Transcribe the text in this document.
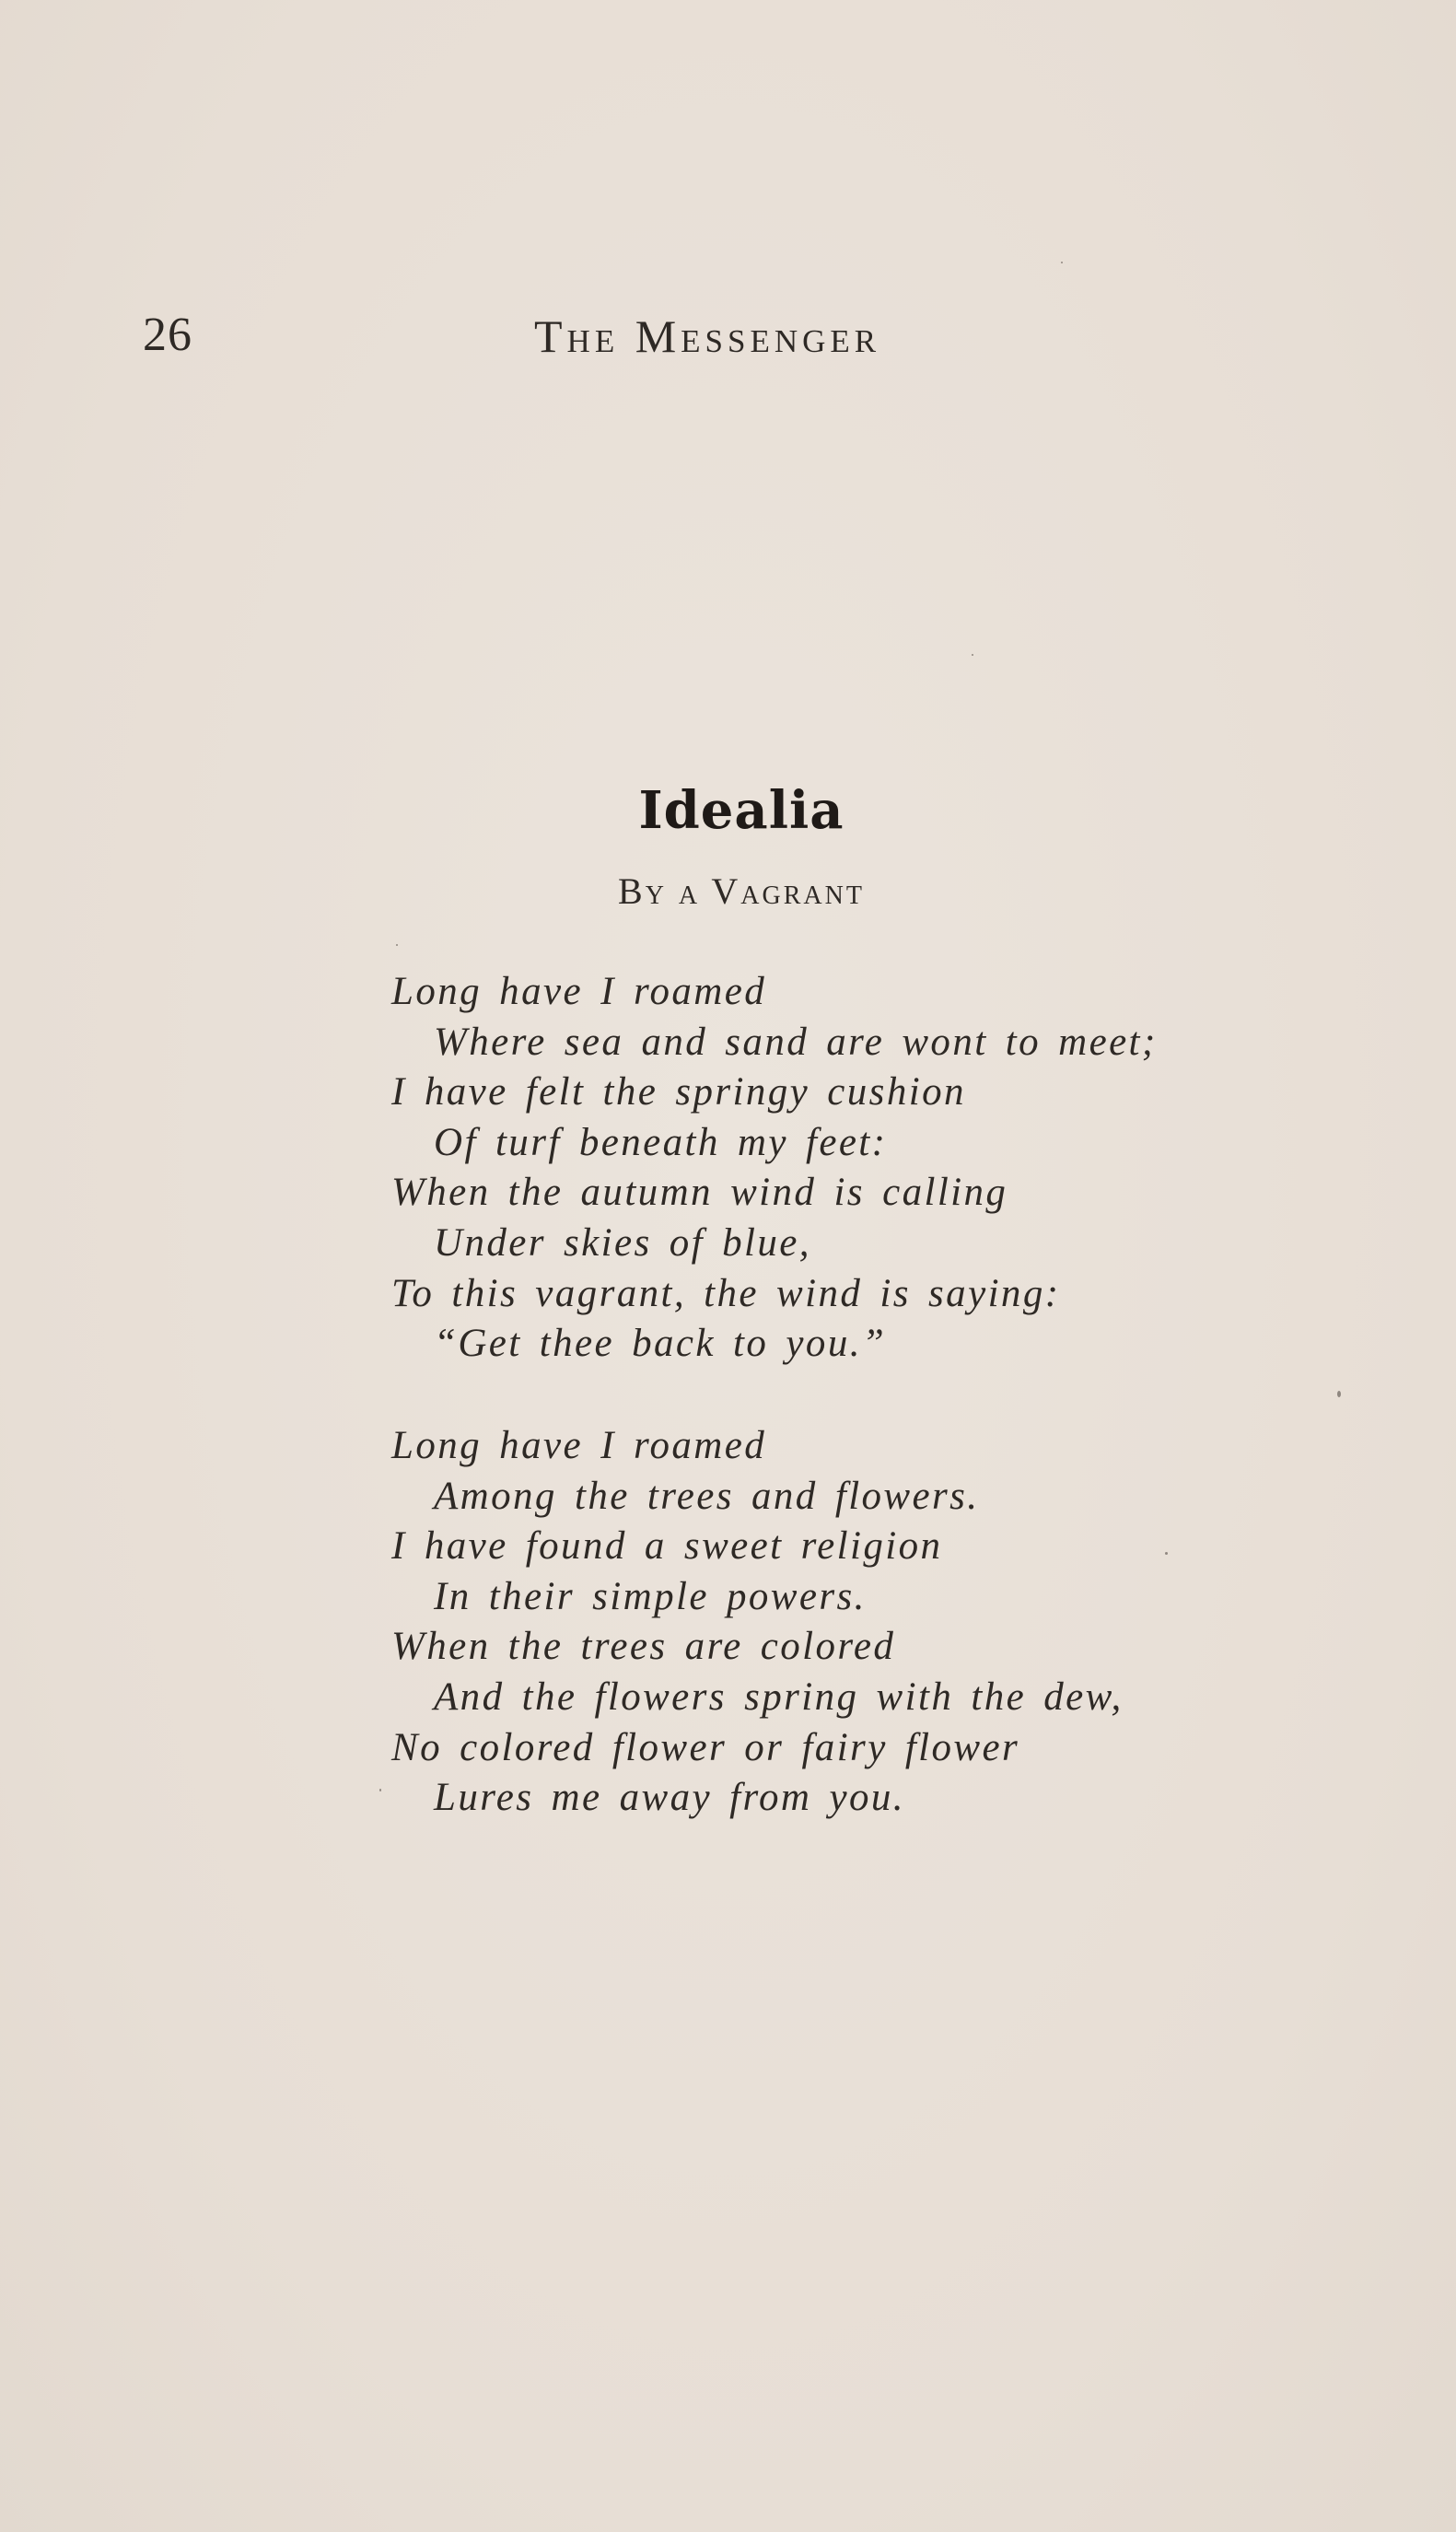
26	The Messenger
Idealia
By a Vagrant
Long have I roamed
Where sea and sand are wont to meet;
I have felt the springy cushion
Of turf beneath my feet:
When the autumn wind is calling
Under skies of blue,
To this vagrant, the wind is saying:
“Get thee back to you.”
Long have I roamed
Among the trees and flowers.
I have found a sweet religion
In their simple powers.
When the trees are colored
And the flowers spring with the dew,
No colored flower or fairy flower
Lures me away from you.
